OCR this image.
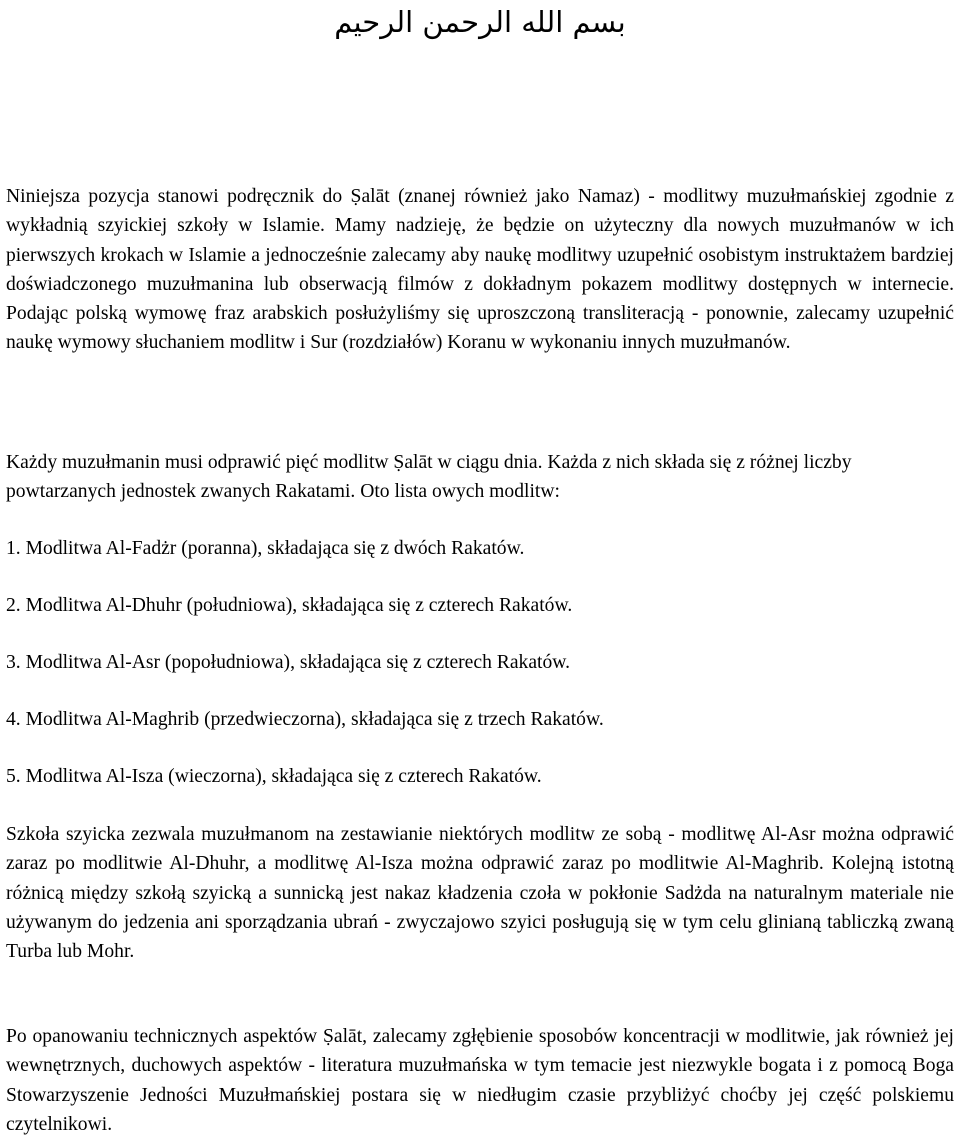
بسم الله الرحمن الرحيم

Niniejsza pozycja stanowi podręcznik do Ṣalāt (znanej również jako Namaz) - modlitwy muzułmańskiej zgodnie z wykładnią szyickiej szkoły w Islamie. Mamy nadzieję, że będzie on użyteczny dla nowych muzułmanów w ich pierwszych krokach w Islamie a jednocześnie zalecamy aby naukę modlitwy uzupełnić osobistym instruktażem bardziej doświadczonego muzułmanina lub obserwacją filmów z dokładnym pokazem modlitwy dostępnych w internecie. Podając polską wymowę fraz arabskich posłużyliśmy się uproszczoną transliteracją - ponownie, zalecamy uzupełnić naukę wymowy słuchaniem modlitw i Sur (rozdziałów) Koranu w wykonaniu innych muzułmanów.

Każdy muzułmanin musi odprawić pięć modlitw Ṣalāt w ciągu dnia. Każda z nich składa się z różnej liczby powtarzanych jednostek zwanych Rakatami. Oto lista owych modlitw:

1. Modlitwa Al-Fadżr (poranna), składająca się z dwóch Rakatów.

2. Modlitwa Al-Dhuhr (południowa), składająca się z czterech Rakatów.

3. Modlitwa Al-Asr (popołudniowa), składająca się z czterech Rakatów.

4. Modlitwa Al-Maghrib (przedwieczorna), składająca się z trzech Rakatów.

5. Modlitwa Al-Isza (wieczorna), składająca się z czterech Rakatów.

Szkoła szyicka zezwala muzułmanom na zestawianie niektórych modlitw ze sobą - modlitwę Al-Asr można odprawić zaraz po modlitwie Al-Dhuhr, a modlitwę Al-Isza można odprawić zaraz po modlitwie Al-Maghrib. Kolejną istotną różnicą między szkołą szyicką a sunnicką jest nakaz kładzenia czoła w pokłonie Sadżda na naturalnym materiale nie używanym do jedzenia ani sporządzania ubrań - zwyczajowo szyici posługują się w tym celu glinianą tabliczką zwaną Turba lub Mohr.

Po opanowaniu technicznych aspektów Ṣalāt, zalecamy zgłębienie sposobów koncentracji w modlitwie, jak również jej wewnętrznych, duchowych aspektów - literatura muzułmańska w tym temacie jest niezwykle bogata i z pomocą Boga Stowarzyszenie Jedności Muzułmańskiej postara się w niedługim czasie przybliżyć choćby jej część polskiemu czytelnikowi.
